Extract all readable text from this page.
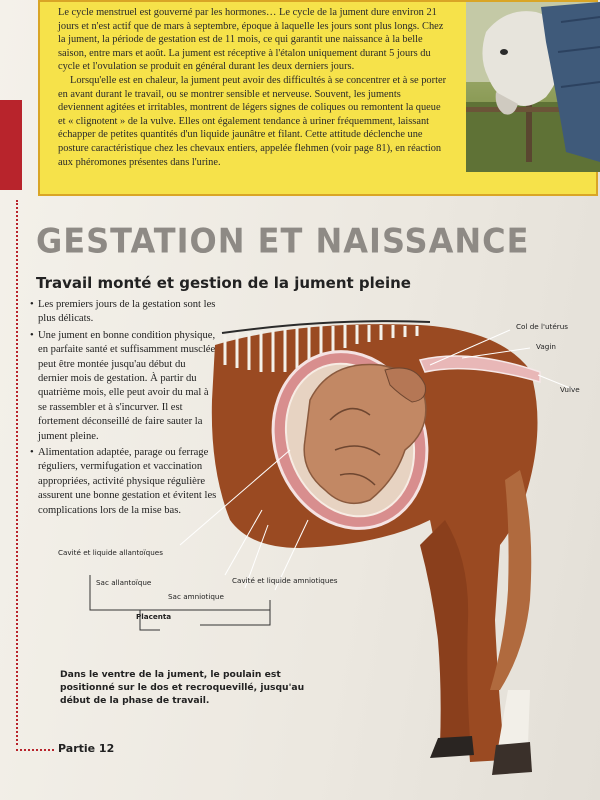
Le cycle menstruel est gouverné par les hormones… Le cycle de la jument dure environ 21 jours et n'est actif que de mars à septembre, époque à laquelle les jours sont plus longs. Chez la jument, la période de gestation est de 11 mois, ce qui garantit une naissance à la belle saison, entre mars et août. La jument est réceptive à l'étalon uniquement durant 5 jours du cycle et l'ovulation se produit en général durant les deux derniers jours.

Lorsqu'elle est en chaleur, la jument peut avoir des difficultés à se concentrer et à se porter en avant durant le travail, ou se montrer sensible et nerveuse. Souvent, les juments deviennent agitées et irritables, montrent de légers signes de coliques ou remontent la queue et « clignotent » de la vulve. Elles ont également tendance à uriner fréquemment, laissant échapper de petites quantités d'un liquide jaunâtre et filant. Cette attitude déclenche une posture caractéristique chez les chevaux entiers, appelée flehmen (voir page 81), en réaction aux phéromones présentes dans l'urine.

GESTATION ET NAISSANCE
Travail monté et gestion de la jument pleine
• Les premiers jours de la gestation sont les plus délicats.
• Une jument en bonne condition physique, en parfaite santé et suffisamment musclée peut être montée jusqu'au début du dernier mois de gestation. À partir du quatrième mois, elle peut avoir du mal à se rassembler et à s'incurver. Il est fortement déconseillé de faire sauter la jument pleine.
• Alimentation adaptée, parage ou ferrage réguliers, vermifugation et vaccination appropriées, activité physique régulière assurent une bonne gestation et évitent les complications lors de la mise bas.
Col de l'utérus
Vagin
Vulve
Cavité et liquide allantoïques
Sac allantoïque
Sac amniotique
Cavité et liquide amniotiques
Placenta
Dans le ventre de la jument, le poulain est positionné sur le dos et recroquevillé, jusqu'au début de la phase de travail.
Partie 12
